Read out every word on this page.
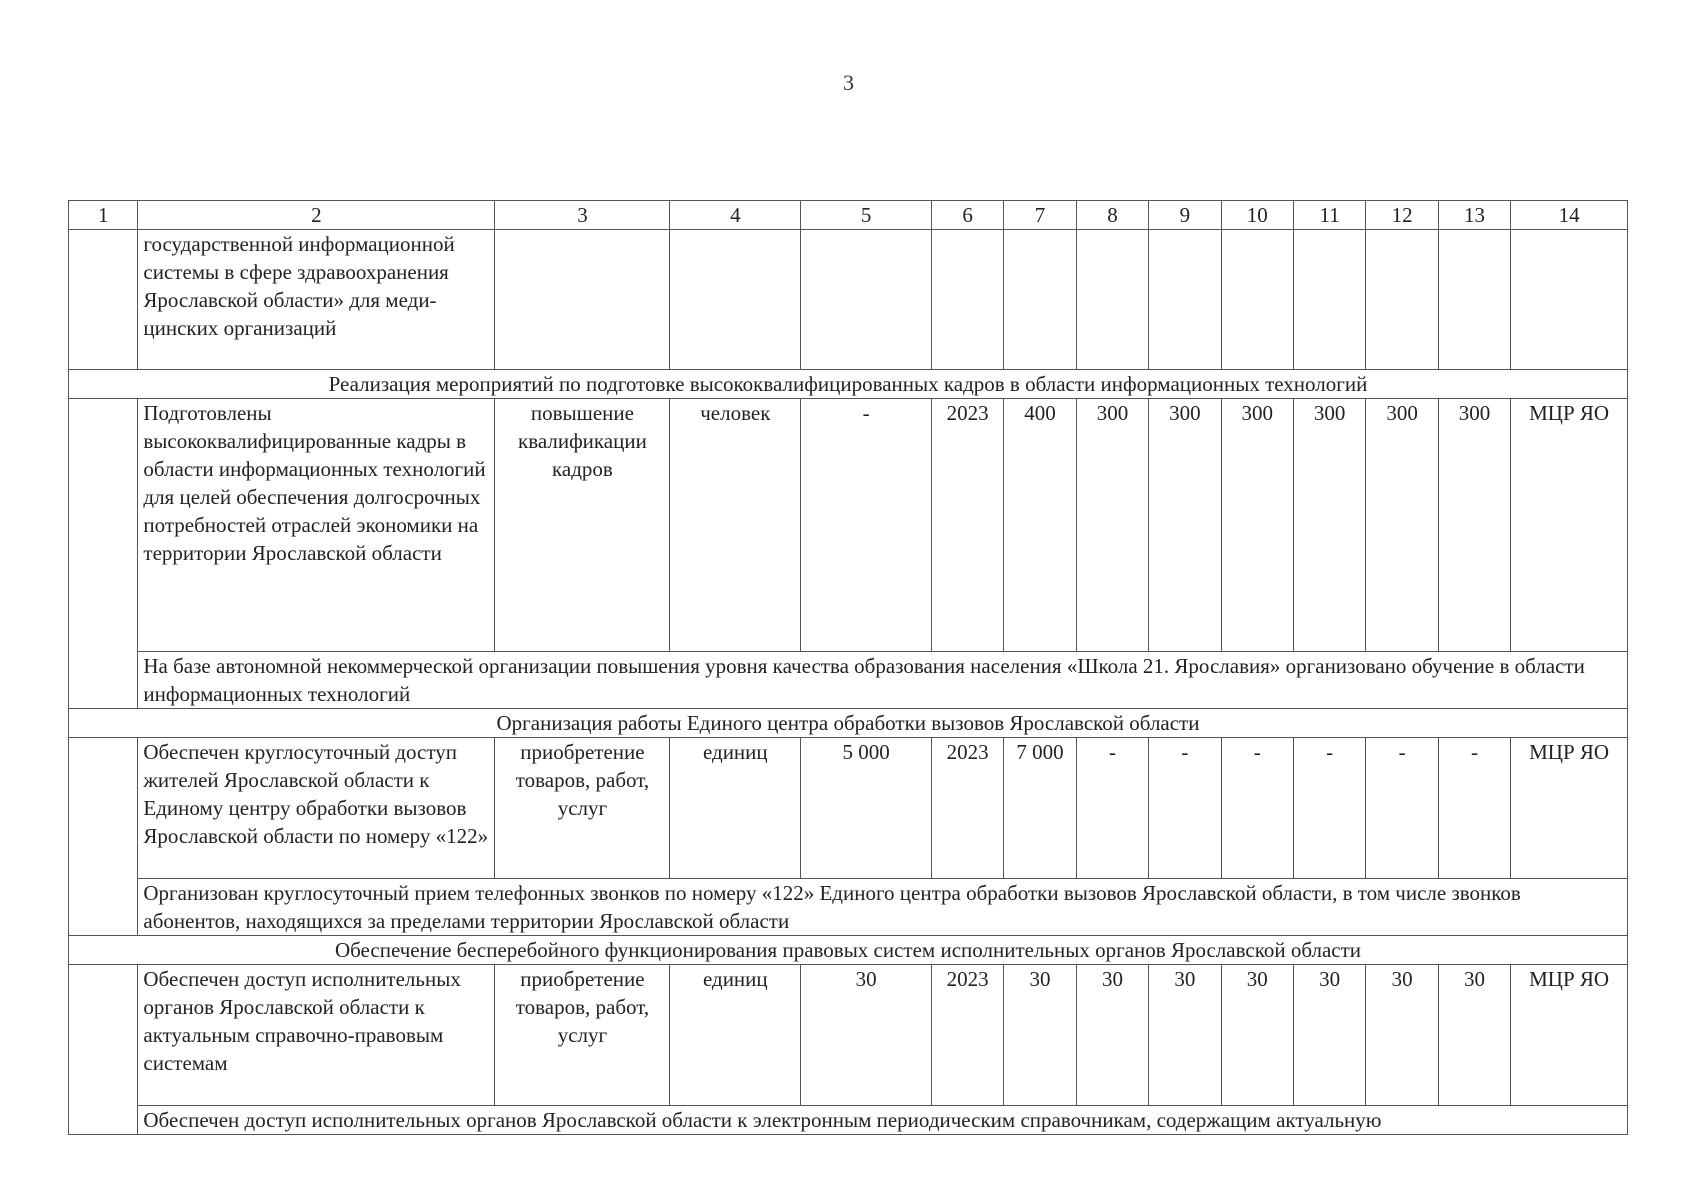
3
1	2	3	4	5	6	7	8	9	10	11	12	13	14
	государственной информационной системы в сфере здравоохранения Ярославской области» для меди-цинских организаций												
Реализация мероприятий по подготовке высококвалифицированных кадров в области информационных технологий													
	Подготовлены высококвалифицированные кадры в области информационных технологий для целей обеспечения долгосрочных потребностей отраслей экономики на территории Ярославской области	повышение квалификации кадров	человек	-	2023	400	300	300	300	300	300	300	МЦР ЯО
	На базе автономной некоммерческой организации повышения уровня качества образования населения «Школа 21. Ярославия» организовано обучение в области информационных технологий												
Организация работы Единого центра обработки вызовов Ярославской области													
	Обеспечен круглосуточный доступ жителей Ярославской области к Единому центру обработки вызовов Ярославской области по номеру «122»	приобретение товаров, работ, услуг	единиц	5 000	2023	7 000	-	-	-	-	-	-	МЦР ЯО
	Организован круглосуточный прием телефонных звонков по номеру «122» Единого центра обработки вызовов Ярославской области, в том числе звонков абонентов, находящихся за пределами территории Ярославской области												
Обеспечение бесперебойного функционирования правовых систем исполнительных органов Ярославской области													
	Обеспечен доступ исполнительных органов Ярославской области к актуальным справочно-правовым системам	приобретение товаров, работ, услуг	единиц	30	2023	30	30	30	30	30	30	30	МЦР ЯО
	Обеспечен доступ исполнительных органов Ярославской области к электронным периодическим справочникам, содержащим актуальную												
